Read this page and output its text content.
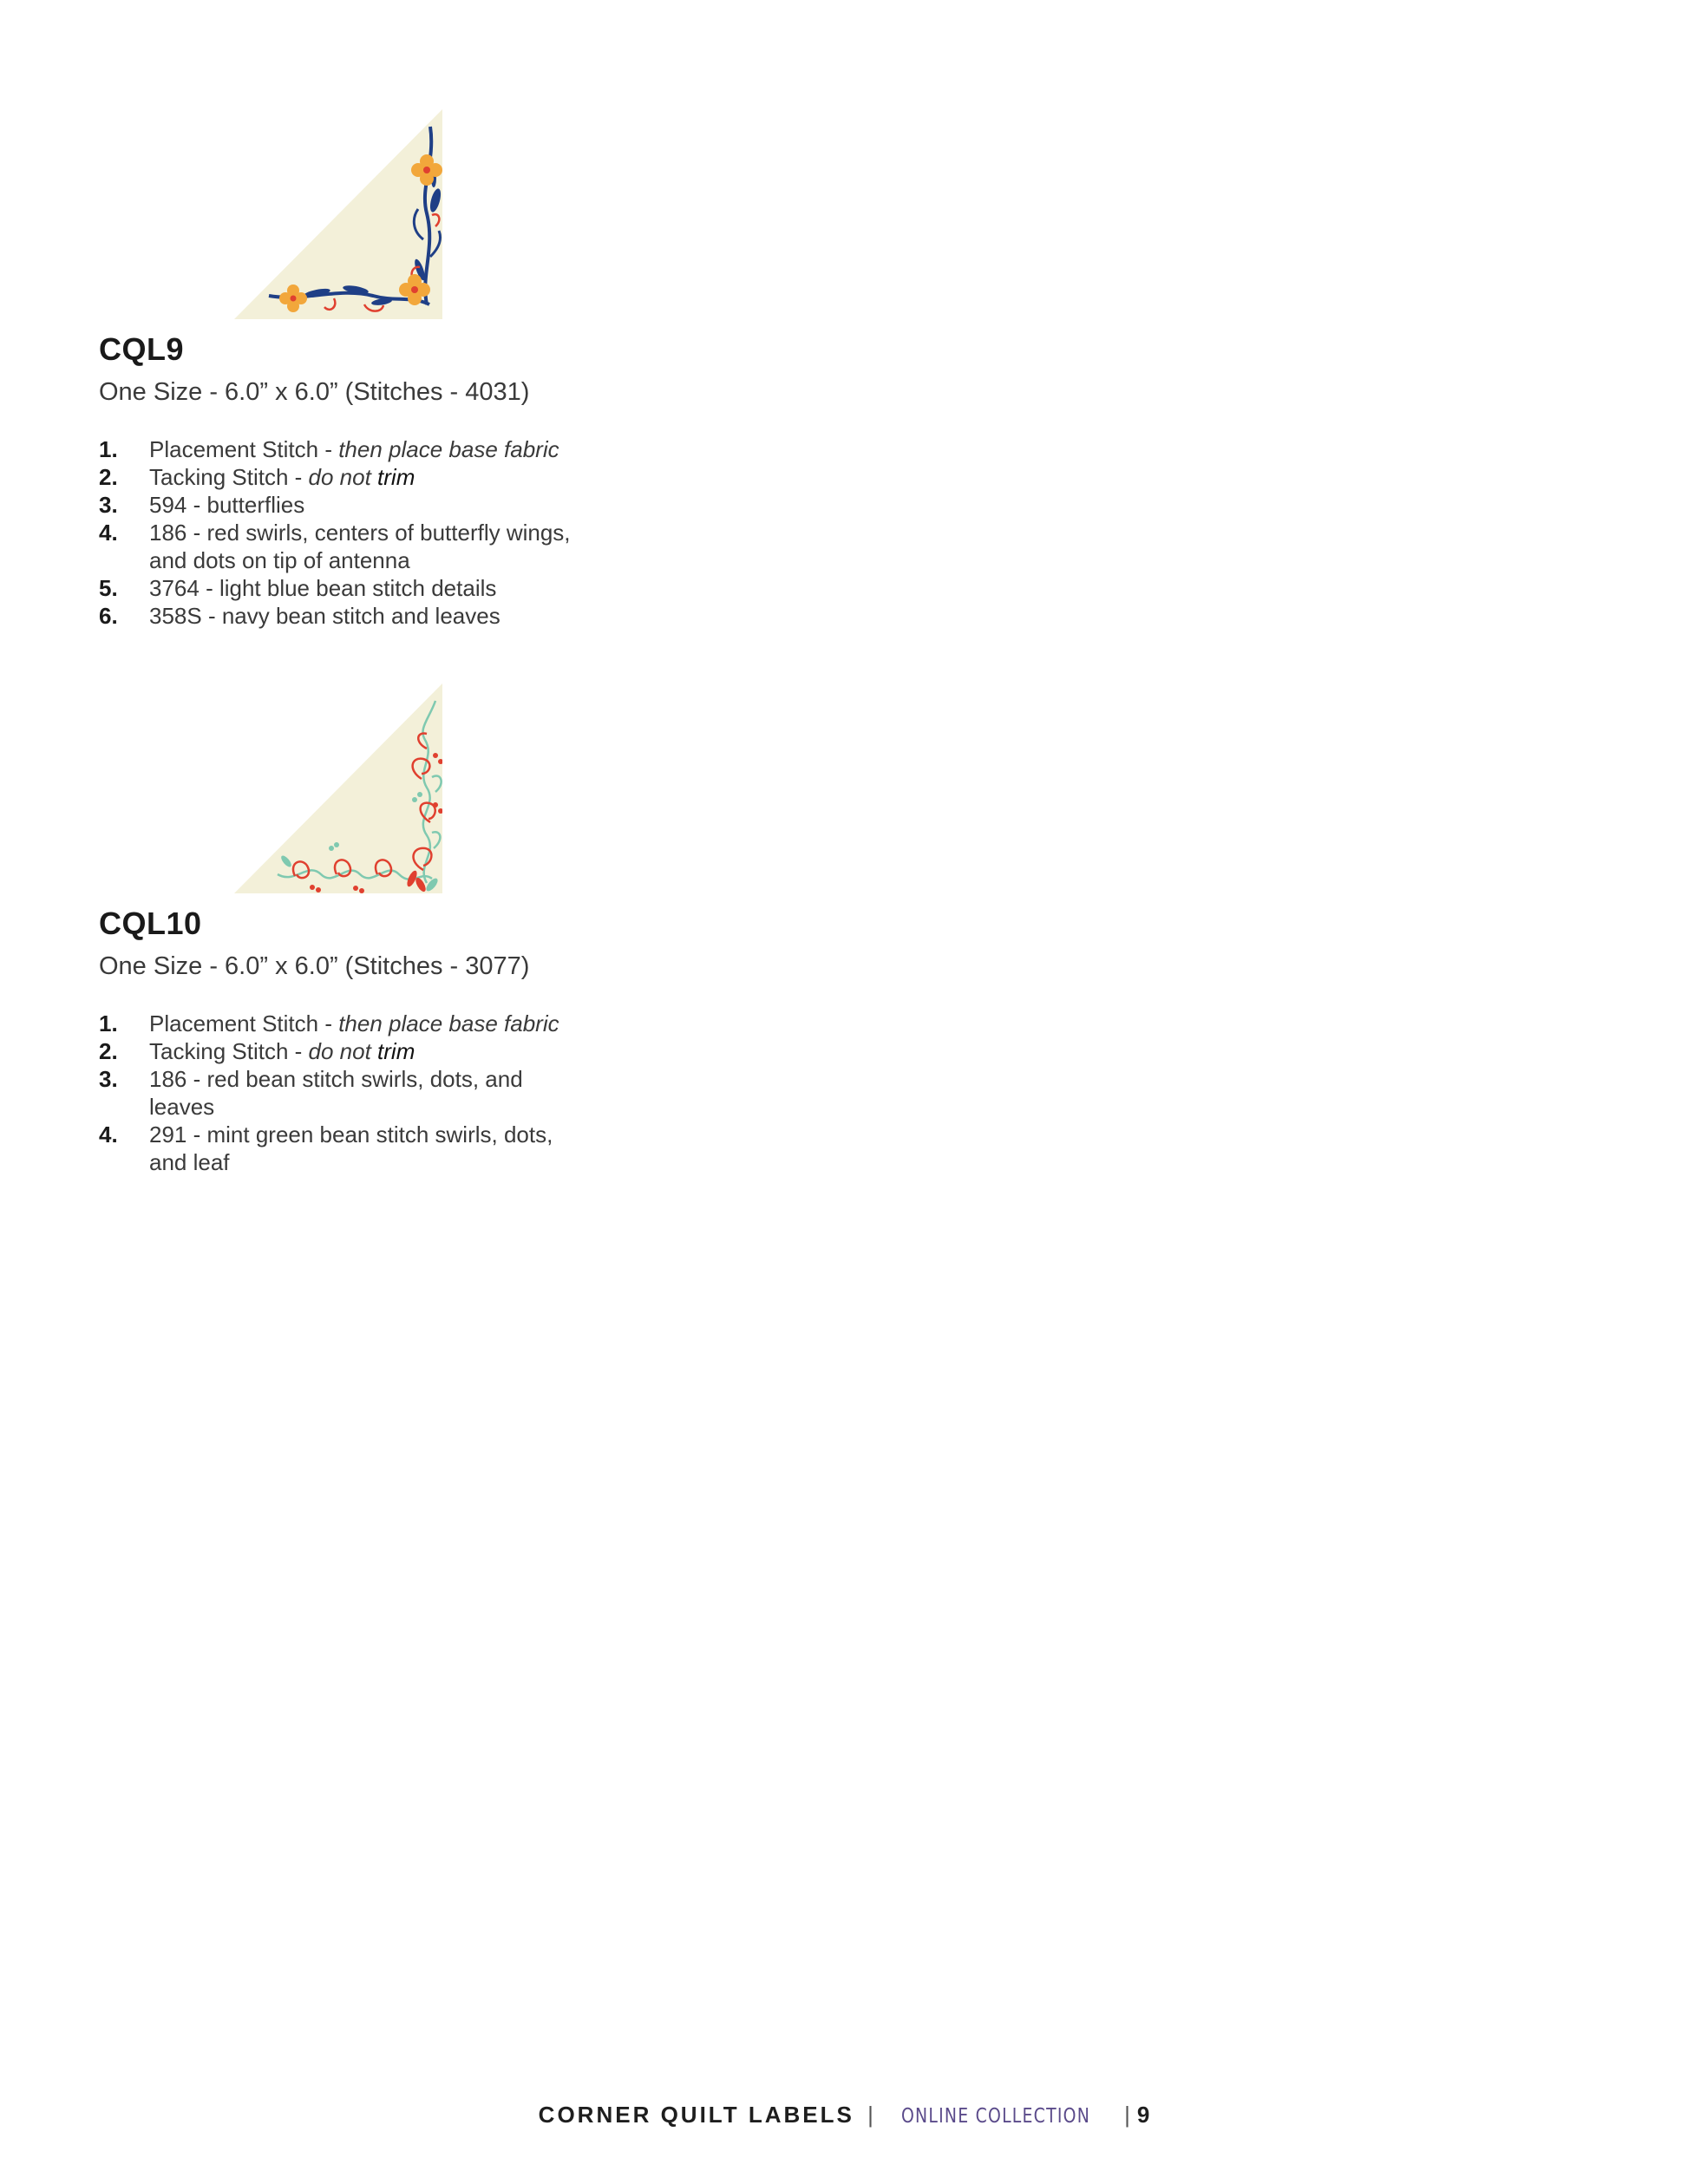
CQL9

One Size - 6.0” x 6.0” (Stitches - 4031)

1. Placement Stitch - then place base fabric
2. Tacking Stitch - do not trim
3. 594 - butterflies
4. 186 - red swirls, centers of butterfly wings, and dots on tip of antenna
5. 3764 - light blue bean stitch details
6. 358S - navy bean stitch and leaves
CQL10

One Size - 6.0” x 6.0” (Stitches - 3077)

1. Placement Stitch - then place base fabric
2. Tacking Stitch - do not trim
3. 186 - red bean stitch swirls, dots, and leaves
4. 291 - mint green bean stitch swirls, dots, and leaf
CORNER QUILT LABELS | ONLINE COLLECTION | 9
